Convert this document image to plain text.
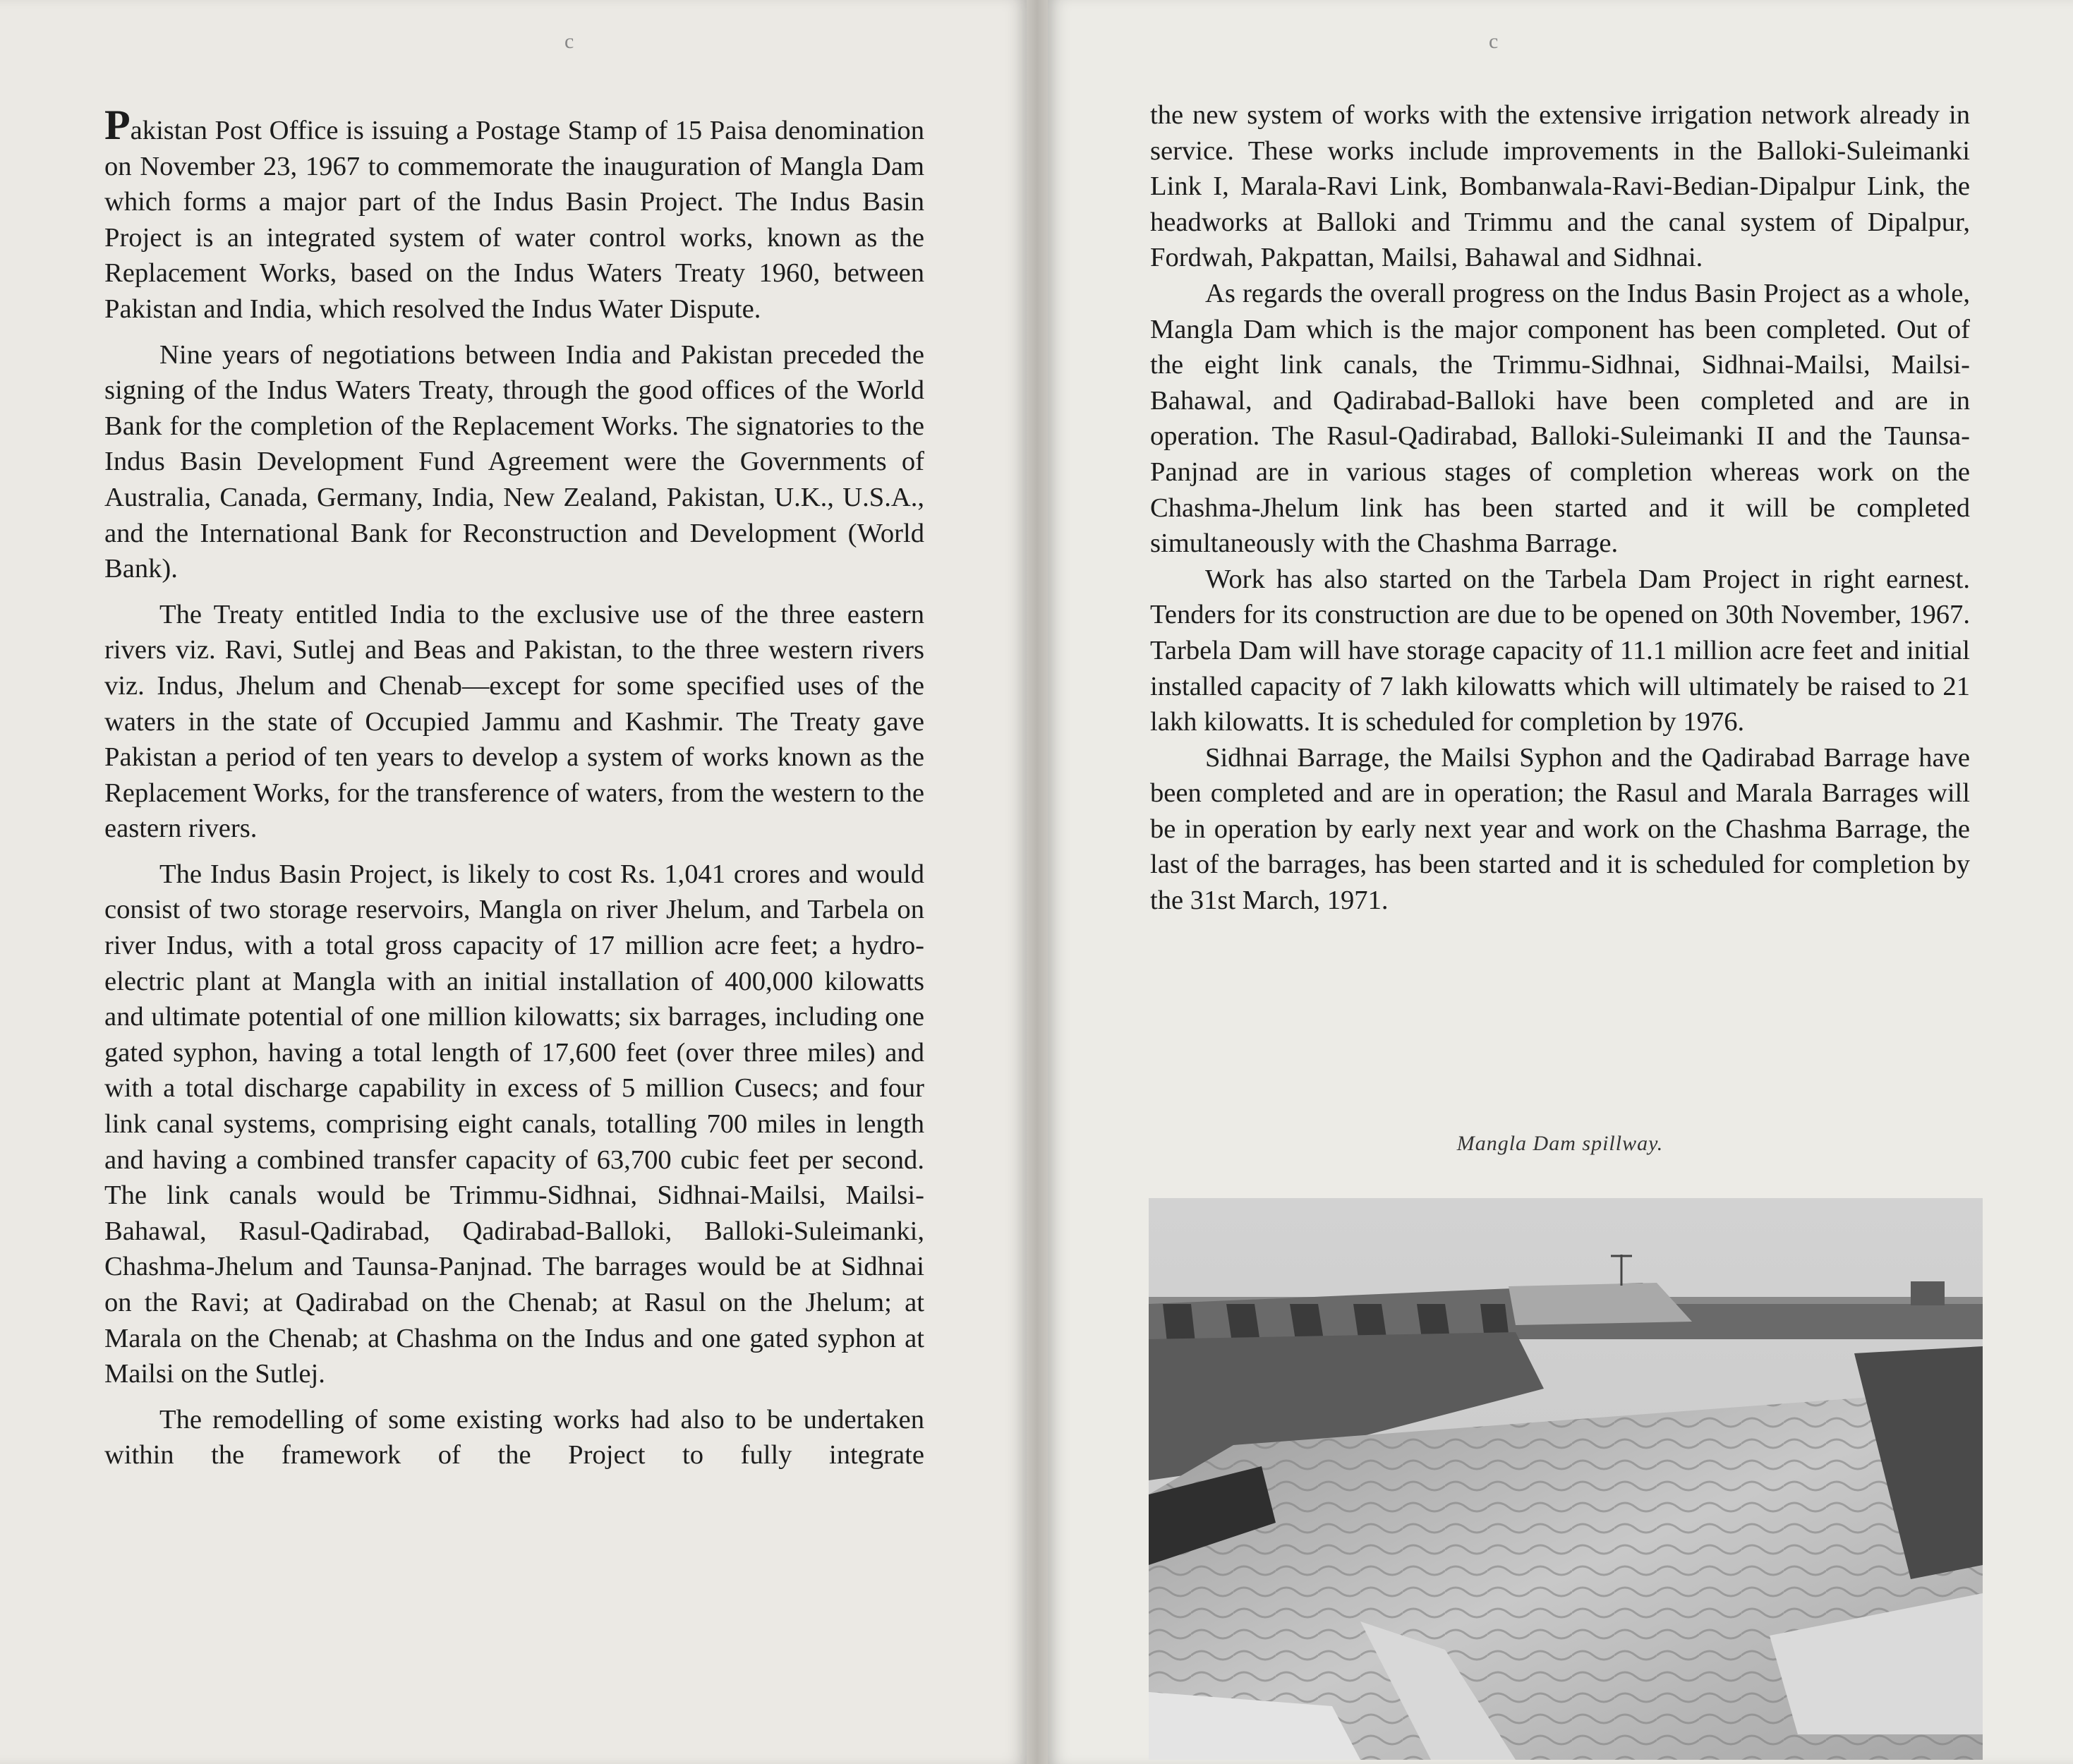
c	c

Pakistan Post Office is issuing a Postage Stamp of 15 Paisa denomination on November 23, 1967 to commemorate the inauguration of Mangla Dam which forms a major part of the Indus Basin Project. The Indus Basin Project is an integrated system of water control works, known as the Replacement Works, based on the Indus Waters Treaty 1960, between Pakistan and India, which resolved the Indus Water Dispute.

Nine years of negotiations between India and Pakistan preceded the signing of the Indus Waters Treaty, through the good offices of the World Bank for the completion of the Replacement Works. The signatories to the Indus Basin Development Fund Agreement were the Governments of Australia, Canada, Germany, India, New Zealand, Pakistan, U.K., U.S.A., and the International Bank for Reconstruction and Development (World Bank).

The Treaty entitled India to the exclusive use of the three eastern rivers viz. Ravi, Sutlej and Beas and Pakistan, to the three western rivers viz. Indus, Jhelum and Chenab—except for some specified uses of the waters in the state of Occupied Jammu and Kashmir. The Treaty gave Pakistan a period of ten years to develop a system of works known as the Replacement Works, for the transference of waters, from the western to the eastern rivers.

The Indus Basin Project, is likely to cost Rs. 1,041 crores and would consist of two storage reservoirs, Mangla on river Jhelum, and Tarbela on river Indus, with a total gross capacity of 17 million acre feet; a hydro-electric plant at Mangla with an initial installation of 400,000 kilowatts and ultimate potential of one million kilowatts; six barrages, including one gated syphon, having a total length of 17,600 feet (over three miles) and with a total discharge capability in excess of 5 million Cusecs; and four link canal systems, comprising eight canals, totalling 700 miles in length and having a combined transfer capacity of 63,700 cubic feet per second. The link canals would be Trimmu-Sidhnai, Sidhnai-Mailsi, Mailsi-Bahawal, Rasul-Qadirabad, Qadirabad-Balloki, Balloki-Suleimanki, Chashma-Jhelum and Taunsa-Panjnad. The barrages would be at Sidhnai on the Ravi; at Qadirabad on the Chenab; at Rasul on the Jhelum; at Marala on the Chenab; at Chashma on the Indus and one gated syphon at Mailsi on the Sutlej.

The remodelling of some existing works had also to be undertaken within the framework of the Project to fully integrate

the new system of works with the extensive irrigation network already in service. These works include improvements in the Balloki-Suleimanki Link I, Marala-Ravi Link, Bombanwala-Ravi-Bedian-Dipalpur Link, the headworks at Balloki and Trimmu and the canal system of Dipalpur, Fordwah, Pakpattan, Mailsi, Bahawal and Sidhnai.

As regards the overall progress on the Indus Basin Project as a whole, Mangla Dam which is the major component has been completed. Out of the eight link canals, the Trimmu-Sidhnai, Sidhnai-Mailsi, Mailsi-Bahawal, and Qadirabad-Balloki have been completed and are in operation. The Rasul-Qadirabad, Balloki-Suleimanki II and the Taunsa-Panjnad are in various stages of completion whereas work on the Chashma-Jhelum link has been started and it will be completed simultaneously with the Chashma Barrage.

Work has also started on the Tarbela Dam Project in right earnest. Tenders for its construction are due to be opened on 30th November, 1967. Tarbela Dam will have storage capacity of 11.1 million acre feet and initial installed capacity of 7 lakh kilowatts which will ultimately be raised to 21 lakh kilowatts. It is scheduled for completion by 1976.

Sidhnai Barrage, the Mailsi Syphon and the Qadirabad Barrage have been completed and are in operation; the Rasul and Marala Barrages will be in operation by early next year and work on the Chashma Barrage, the last of the barrages, has been started and it is scheduled for completion by the 31st March, 1971.

Mangla Dam spillway.
